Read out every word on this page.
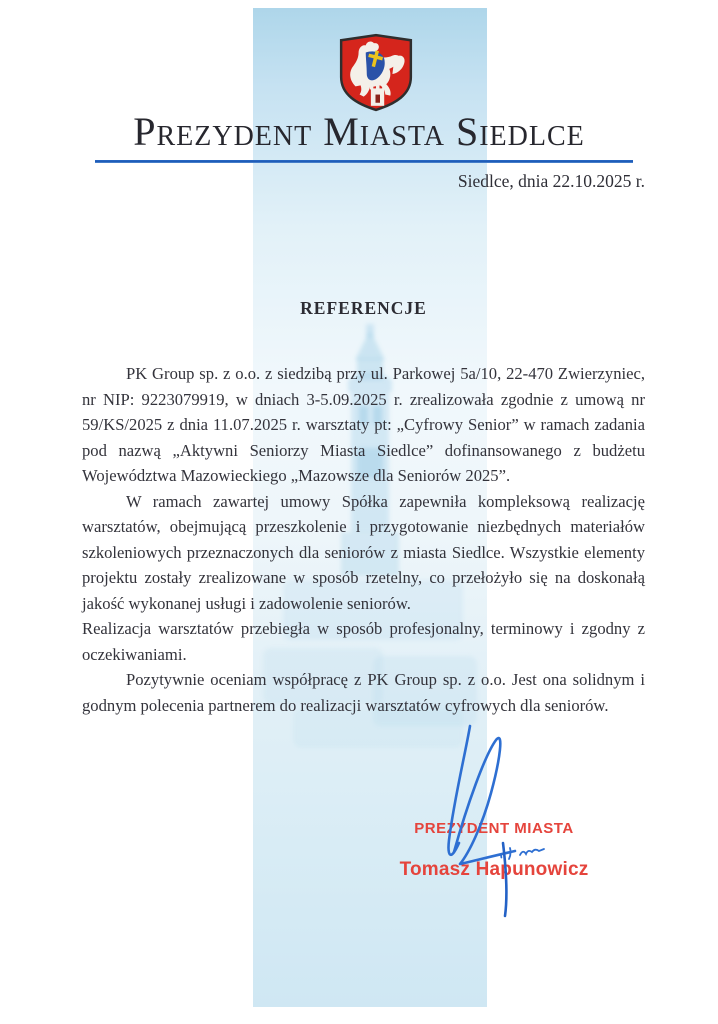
Prezydent Miasta Siedlce
Siedlce, dnia 22.10.2025 r.
REFERENCJE

PK Group sp. z o.o. z siedzibą przy ul. Parkowej 5a/10, 22-470 Zwierzyniec, nr NIP: 9223079919, w dniach 3-5.09.2025 r. zrealizowała zgodnie z umową nr 59/KS/2025 z dnia 11.07.2025 r. warsztaty pt: „Cyfrowy Senior” w ramach zadania pod nazwą „Aktywni Seniorzy Miasta Siedlce” dofinansowanego z budżetu Województwa Mazowieckiego „Mazowsze dla Seniorów 2025”.

W ramach zawartej umowy Spółka zapewniła kompleksową realizację warsztatów, obejmującą przeszkolenie i przygotowanie niezbędnych materiałów szkoleniowych przeznaczonych dla seniorów z miasta Siedlce. Wszystkie elementy projektu zostały zrealizowane w sposób rzetelny, co przełożyło się na doskonałą jakość wykonanej usługi i zadowolenie seniorów.

Realizacja warsztatów przebiegła w sposób profesjonalny, terminowy i zgodny z oczekiwaniami.

Pozytywnie oceniam współpracę z PK Group sp. z o.o. Jest ona solidnym i godnym polecenia partnerem do realizacji warsztatów cyfrowych dla seniorów.

PREZYDENT MIASTA
Tomasz Hapunowicz
